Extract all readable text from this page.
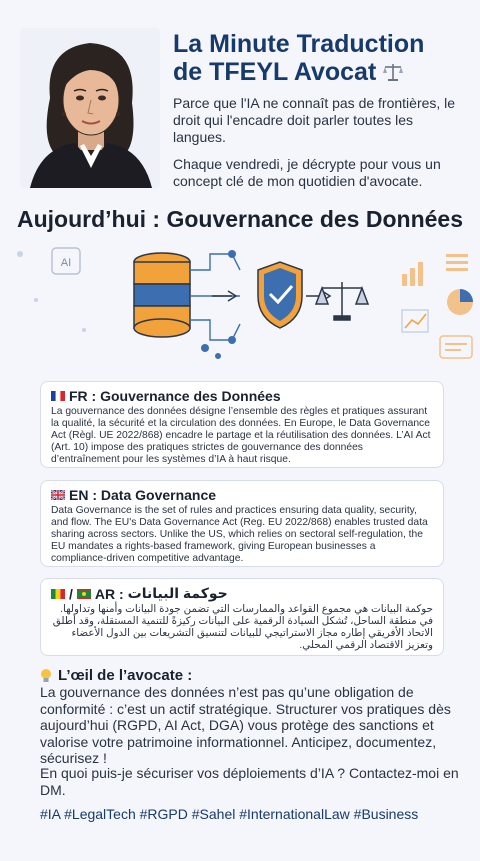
La Minute Traduction
de TFEYL Avocat

Parce que l'IA ne connaît pas de frontières, le droit qui l'encadre doit parler toutes les langues.

Chaque vendredi, je décrypte pour vous un concept clé de mon quotidien d'avocate.

Aujourd’hui : Gouvernance des Données
AI
FR : Gouvernance des Données

La gouvernance des données désigne l’ensemble des règles et pratiques assurant la qualité, la sécurité et la circulation des données. En Europe, le Data Governance Act (Règl. UE 2022/868) encadre le partage et la réutilisation des données. L’AI Act (Art. 10) impose des pratiques strictes de gouvernance des données d’entraînement pour les systèmes d’IA à haut risque.

EN : Data Governance

Data Governance is the set of rules and practices ensuring data quality, security, and flow. The EU's Data Governance Act (Reg. EU 2022/868) enables trusted data sharing across sectors. Unlike the US, which relies on sectoral self-regulation, the EU mandates a rights-based framework, giving European businesses a compliance-driven competitive advantage.

/ AR : حوكمة البيانات

حوكمة البيانات هي مجموع القواعد والممارسات التي تضمن جودة البيانات وأمنها وتداولها. في منطقة الساحل، تُشكل السيادة الرقمية على البيانات ركيزةً للتنمية المستقلة، وقد أطلق الاتحاد الأفريقي إطاره مجاز الاستراتيجي للبيانات لتنسيق التشريعات بين الدول الأعضاء وتعزيز الاقتصاد الرقمي المحلي.

L’œil de l’avocate :

La gouvernance des données n’est pas qu’une obligation de conformité : c’est un actif stratégique. Structurer vos pratiques dès aujourd’hui (RGPD, AI Act, DGA) vous protège des sanctions et valorise votre patrimoine informationnel. Anticipez, documentez, sécurisez !

En quoi puis-je sécuriser vos déploiements d’IA ? Contactez-moi en DM.
#IA #LegalTech #RGPD #Sahel #InternationalLaw #Business
